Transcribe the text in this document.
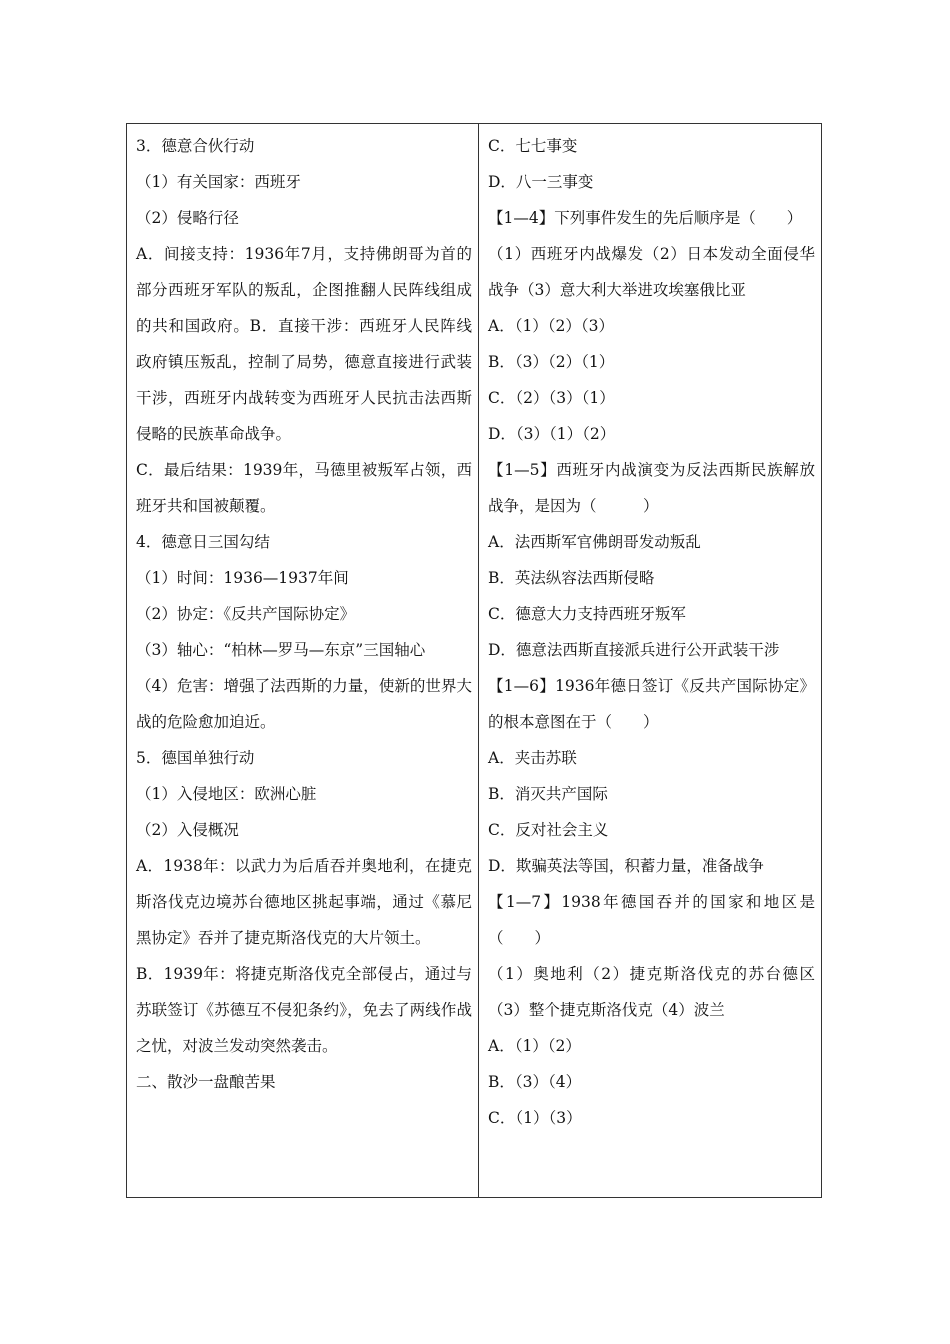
3．德意合伙行动
（1）有关国家：西班牙
（2）侵略行径
A．间接支持：1936年7月，支持佛朗哥为首的部分西班牙军队的叛乱，企图推翻人民阵线组成的共和国政府。B．直接干涉：西班牙人民阵线政府镇压叛乱，控制了局势，德意直接进行武装干涉，西班牙内战转变为西班牙人民抗击法西斯侵略的民族革命战争。
C．最后结果：1939年，马德里被叛军占领，西班牙共和国被颠覆。
4．德意日三国勾结
（1）时间：1936—1937年间
（2）协定：《反共产国际协定》
（3）轴心：“柏林—罗马—东京”三国轴心
（4）危害：增强了法西斯的力量，使新的世界大战的危险愈加迫近。
5．德国单独行动
（1）入侵地区：欧洲心脏
（2）入侵概况
A．1938年：以武力为后盾吞并奥地利，在捷克斯洛伐克边境苏台德地区挑起事端，通过《慕尼黑协定》吞并了捷克斯洛伐克的大片领土。
B．1939年：将捷克斯洛伐克全部侵占，通过与苏联签订《苏德互不侵犯条约》，免去了两线作战之忧，对波兰发动突然袭击。
二、散沙一盘酿苦果
C．七七事变
D．八一三事变
【1—4】下列事件发生的先后顺序是（　　）
（1）西班牙内战爆发（2）日本发动全面侵华战争（3）意大利大举进攻埃塞俄比亚
A．（1）（2）（3）
B．（3）（2）（1）
C．（2）（3）（1）
D．（3）（1）（2）
【1—5】西班牙内战演变为反法西斯民族解放战争，是因为（　　　）
A．法西斯军官佛朗哥发动叛乱
B．英法纵容法西斯侵略
C．德意大力支持西班牙叛军
D．德意法西斯直接派兵进行公开武装干涉
【1—6】1936年德日签订《反共产国际协定》的根本意图在于（　　）
A．夹击苏联
B．消灭共产国际
C．反对社会主义
D．欺骗英法等国，积蓄力量，准备战争
【1—7】1938年德国吞并的国家和地区是（　　）
（1）奥地利（2）捷克斯洛伐克的苏台德区（3）整个捷克斯洛伐克（4）波兰
A．（1）（2）
B．（3）（4）
C．（1）（3）
